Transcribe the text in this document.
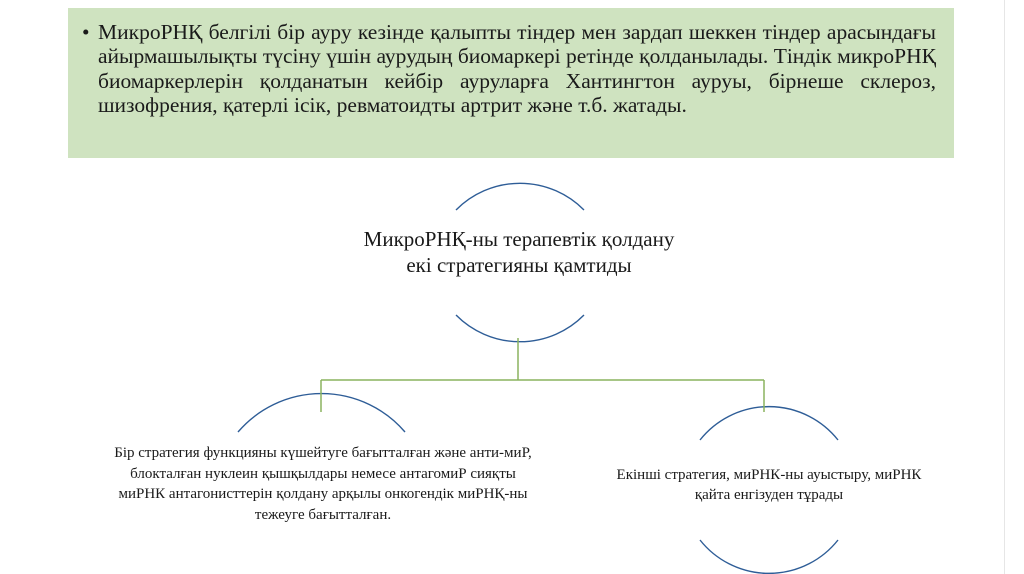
• МикроРНҚ белгілі бір ауру кезінде қалыпты тіндер мен зардап шеккен тіндер арасындағы айырмашылықты түсіну үшін аурудың биомаркері ретінде қолданылады. Тіндік микроРНҚ биомаркерлерін қолданатын кейбір ауруларға Хантингтон ауруы, бірнеше склероз, шизофрения, қатерлі ісік, ревматоидты артрит және т.б. жатады.
МикроРНҚ-ны терапевтік қолдану екі стратегияны қамтиды
Бір стратегия функцияны күшейтуге бағытталған және анти-миР, блокталған нуклеин қышқылдары немесе антагомиР сияқты миРНК антагонисттерін қолдану арқылы онкогендік миРНҚ-ны тежеуге бағытталған.
Екінші стратегия, миРНК-ны ауыстыру, миРНК қайта енгізуден тұрады
